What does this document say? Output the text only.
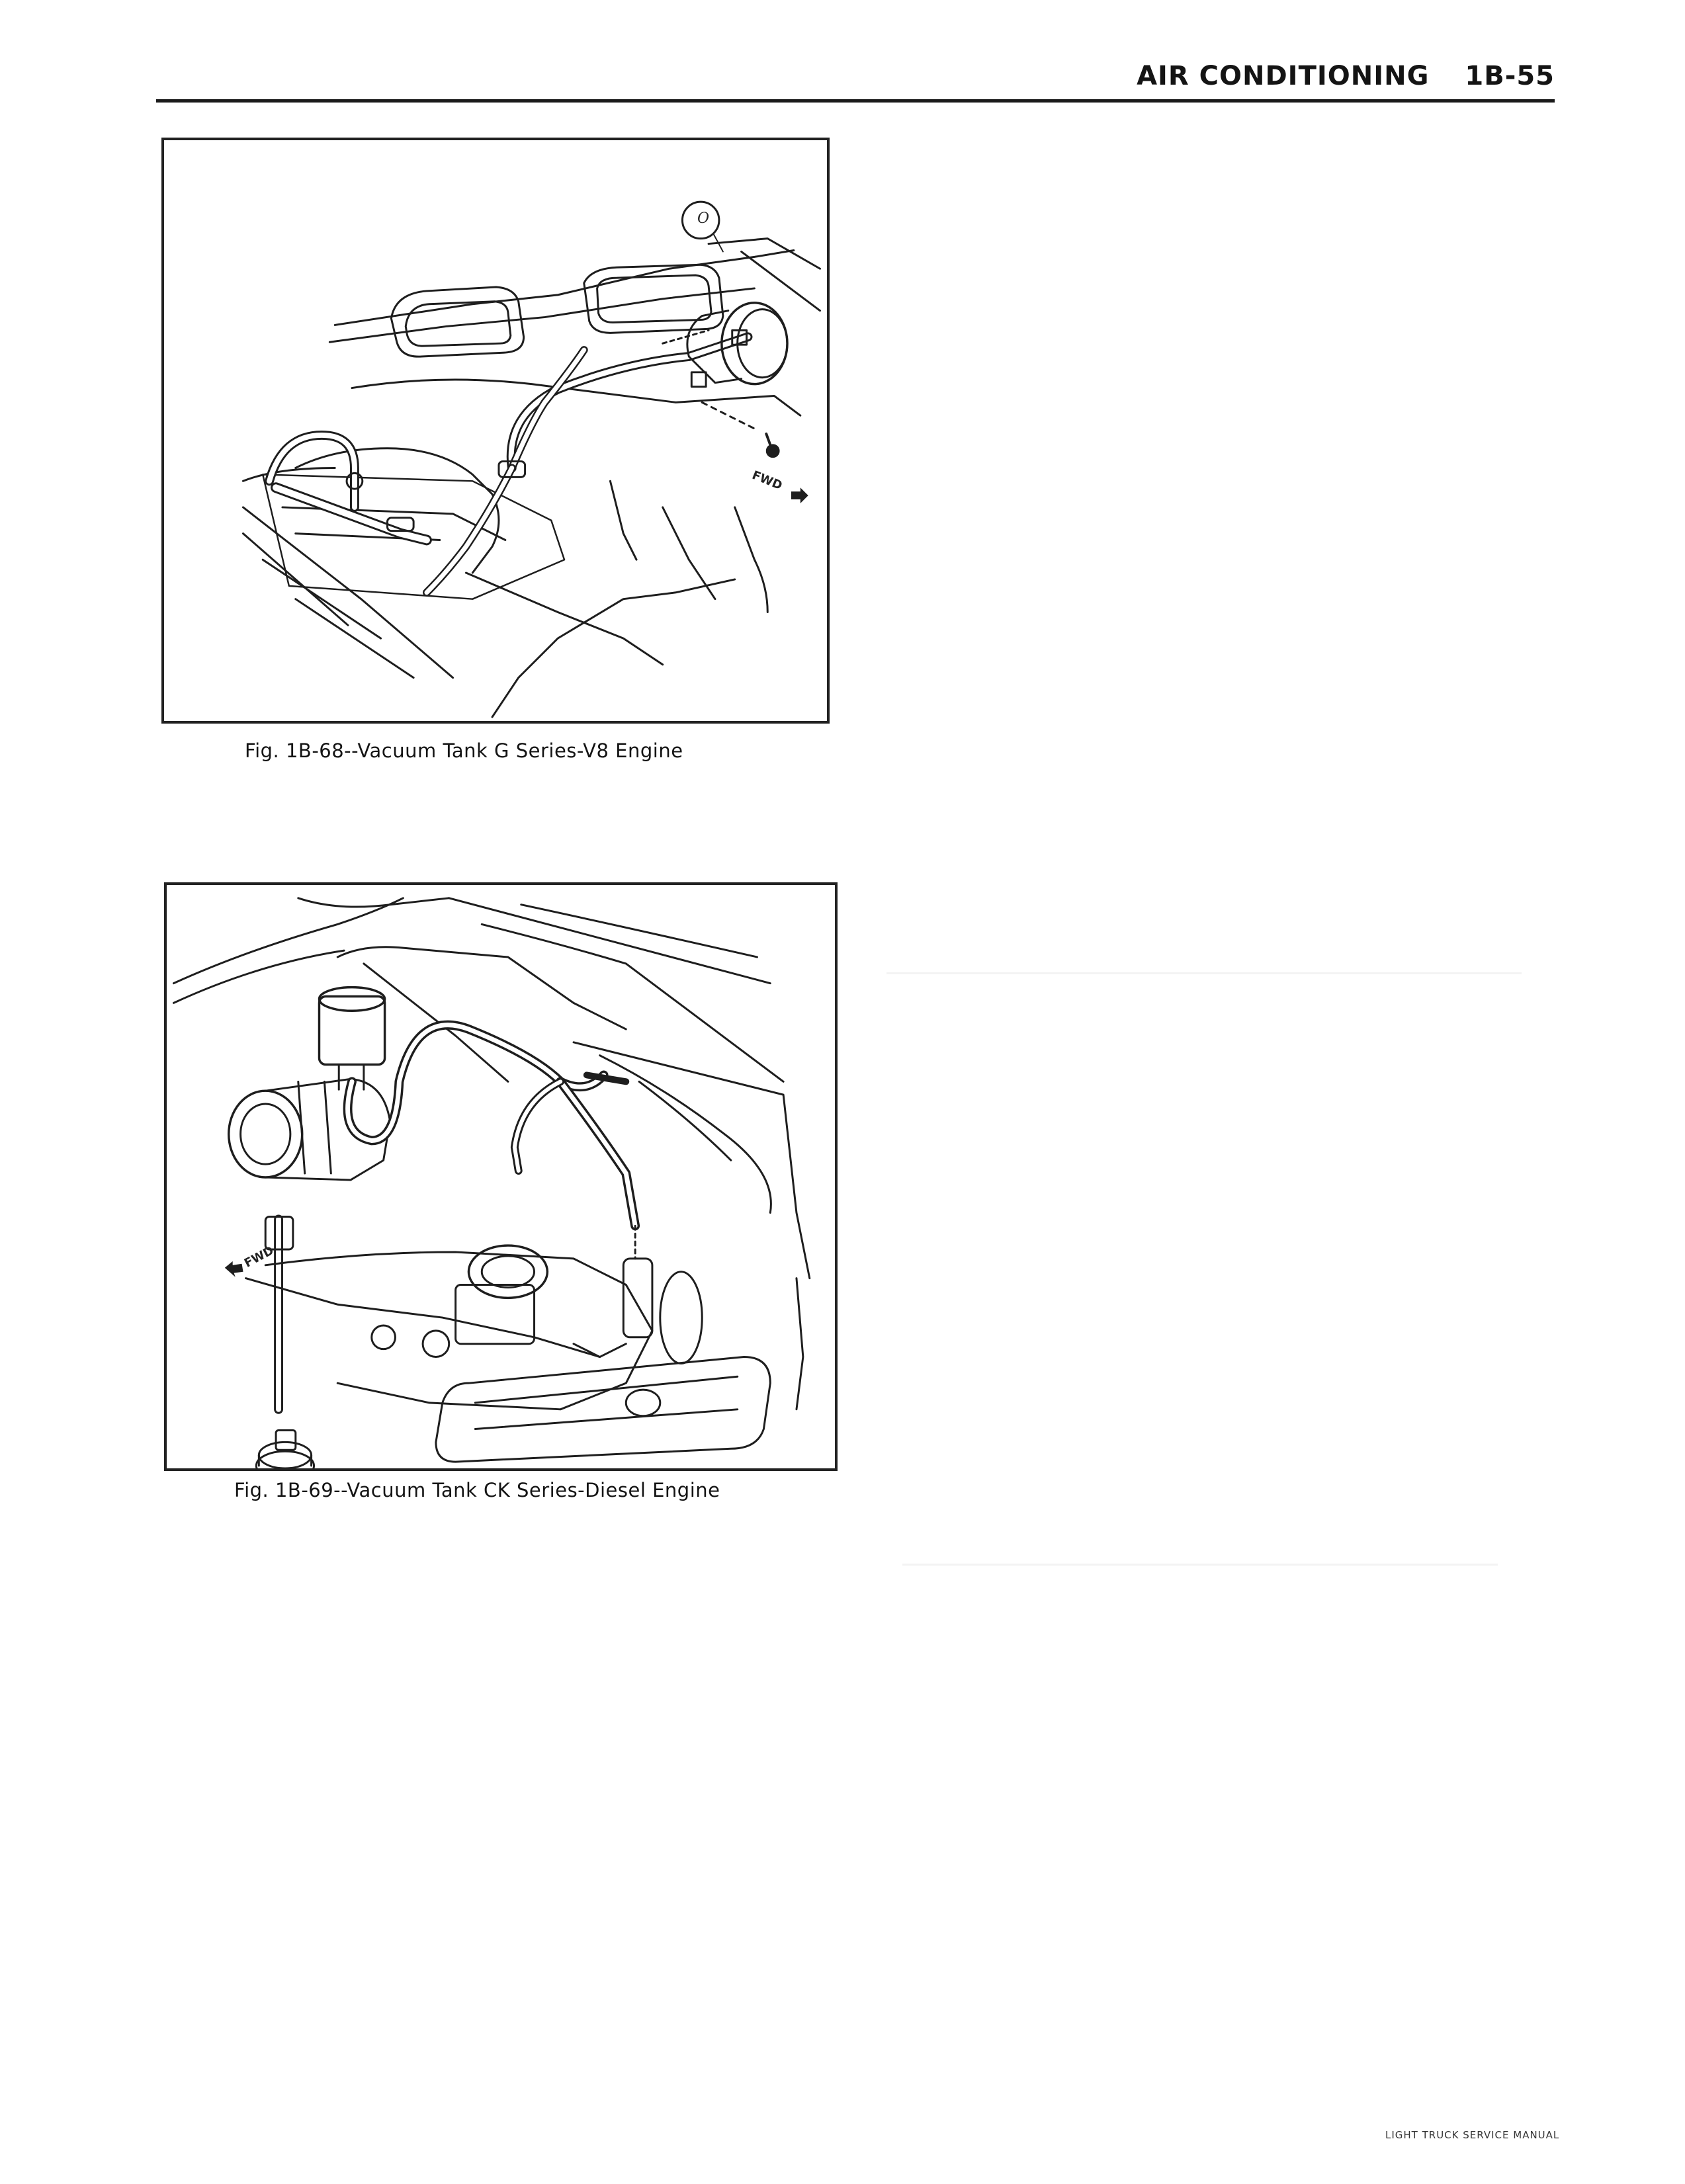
AIR CONDITIONING 1B-55
O
FWD
Fig. 1B-68--Vacuum Tank G Series-V8 Engine
FWD
Fig. 1B-69--Vacuum Tank CK Series-Diesel Engine
LIGHT TRUCK SERVICE MANUAL
